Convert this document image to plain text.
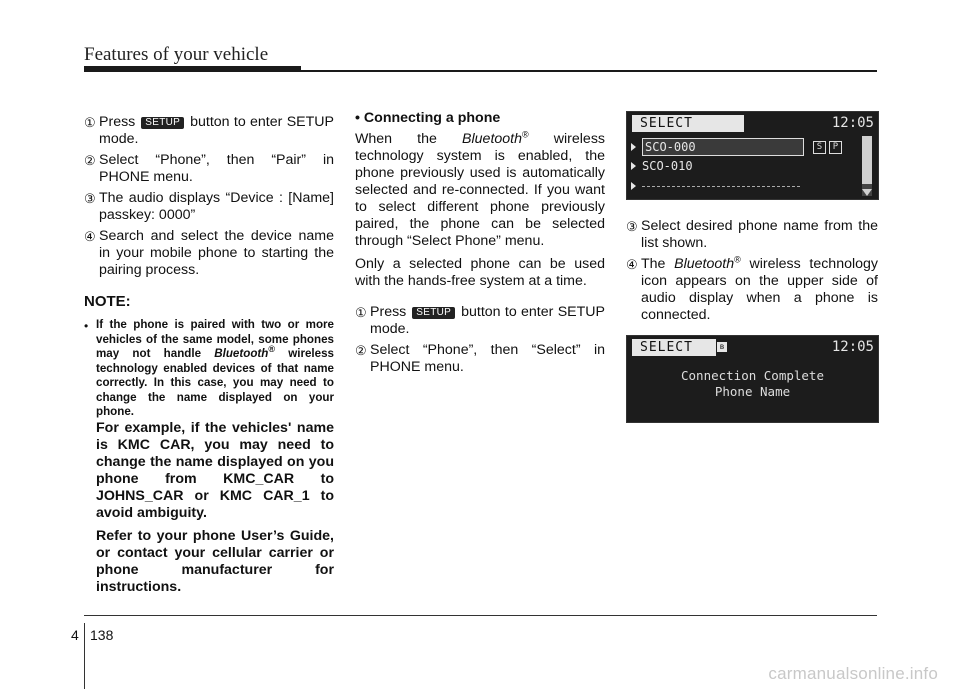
Features of your vehicle
① Press SETUP button to enter SETUP mode.
② Select “Phone”, then “Pair” in PHONE menu.
③ The audio displays “Device : [Name] passkey: 0000”
④ Search and select the device name in your mobile phone to starting the pairing process.
NOTE:
• If the phone is paired with two or more vehicles of the same model, some phones may not handle Bluetooth® wireless technology enabled devices of that name correctly. In this case, you may need to change the name displayed on your phone.
For example, if the vehicles' name is KMC CAR, you may need to change the name displayed on you phone from KMC_CAR to JOHNS_CAR or KMC CAR_1 to avoid ambiguity.
Refer to your phone User’s Guide, or contact your cellular carrier or phone manufacturer for instructions.
• Connecting a phone
When the Bluetooth® wireless technology system is enabled, the phone previously used is automatically selected and re-connected. If you want to select different phone previously paired, the phone can be selected through “Select Phone” menu.
Only a selected phone can be used with the hands-free system at a time.
① Press SETUP button to enter SETUP mode.
② Select “Phone”, then “Select” in PHONE menu.
SELECT	12:05
SCO-000	S	P
SCO-010
③ Select desired phone name from the list shown.
④ The Bluetooth® wireless technology icon appears on the upper side of audio display when a phone is connected.
SELECT	ʙ	12:05
Connection Complete
Phone Name
4 138
carmanualsonline.info
